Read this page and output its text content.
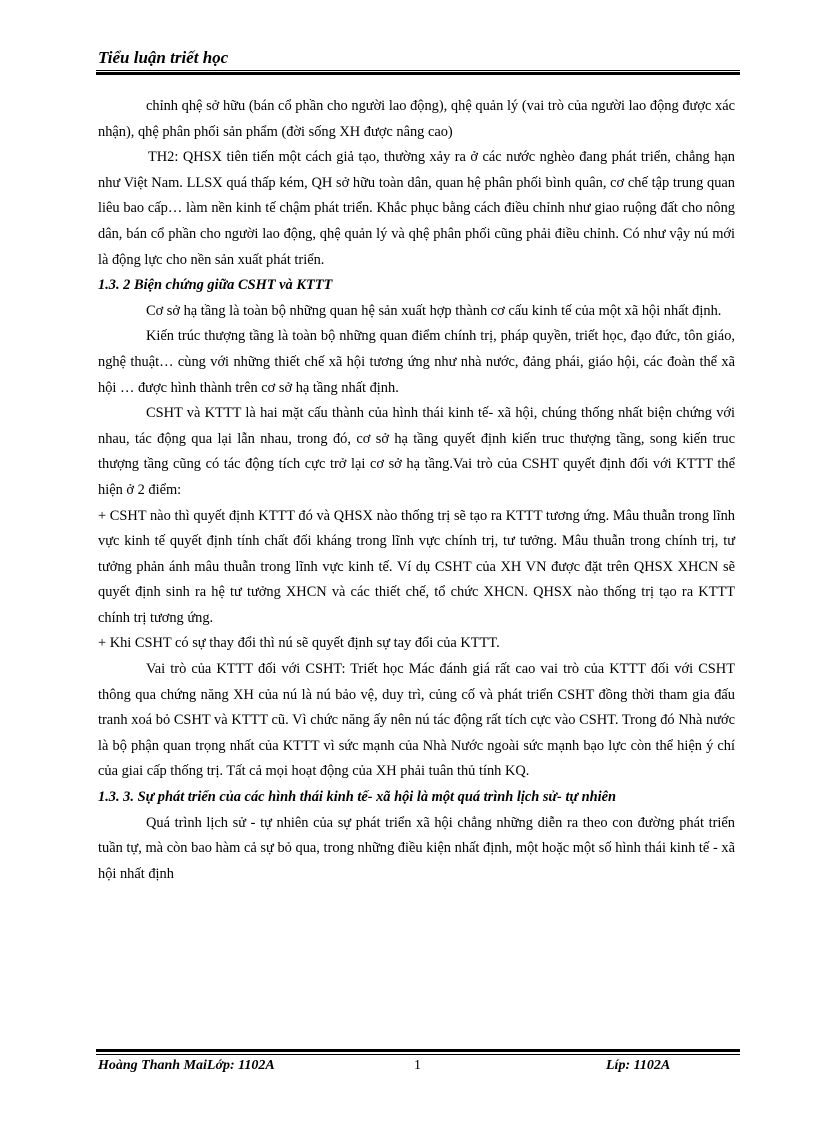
Tiểu luận triết học

chỉnh qhệ sở hữu (bán cổ phần cho người lao động), qhệ quản lý (vai trò của người lao động được xác nhận), qhệ phân phối sản phẩm (đời sống XH được nâng cao)

TH2: QHSX tiên tiến một cách giả tạo, thường xảy ra ở các nước nghèo đang phát triển, chẳng hạn như Việt Nam. LLSX quá thấp kém, QH sở hữu toàn dân, quan hệ phân phối bình quân, cơ chế tập trung quan liêu bao cấp… làm nền kinh tế chậm phát triển. Khắc phục bằng cách điều chỉnh như giao ruộng đất cho nông dân, bán cổ phần cho người lao động, qhệ quản lý và qhệ phân phối cũng phải điều chỉnh. Có như vậy nú mới là động lực cho nền sản xuất phát triển.

1.3. 2 Biện chứng giữa CSHT và KTTT

Cơ sở hạ tầng là toàn bộ những quan hệ sản xuất hợp thành cơ cấu kinh tế của một xã hội nhất định.

Kiến trúc thượng tầng là toàn bộ những quan điểm chính trị, pháp quyền, triết học, đạo đức, tôn giáo, nghệ thuật… cùng với những thiết chế xã hội tương ứng như nhà nước, đảng phái, giáo hội, các đoàn thể xã hội … được hình thành trên cơ sở hạ tầng nhất định.

CSHT và KTTT là hai mặt cấu thành của hình thái kinh tế- xã hội, chúng thống nhất biện chứng với nhau, tác động qua lại lẫn nhau, trong đó, cơ sở hạ tầng quyết định kiến truc thượng tầng, song kiến truc thượng tầng cũng có tác động tích cực trở lại cơ sở hạ tầng.Vai trò của CSHT quyết định đối với KTTT thể hiện ở 2 điểm:

+ CSHT nào thì quyết định KTTT đó và QHSX nào thống trị sẽ tạo ra KTTT tương ứng. Mâu thuẫn trong lĩnh vực kinh tế quyết định tính chất đối kháng trong lĩnh vực chính trị, tư tưởng. Mâu thuẫn trong chính trị, tư tưởng phản ánh mâu thuẫn trong lĩnh vực kinh tế. Ví dụ CSHT của XH VN được đặt trên QHSX XHCN sẽ quyết định sinh ra hệ tư tưởng XHCN và các thiết chế, tổ chức XHCN. QHSX nào thống trị tạo ra KTTT chính trị tương ứng.

+ Khi CSHT có sự thay đổi thì nú sẽ quyết định sự tay đổi của KTTT.

Vai trò của KTTT đối với CSHT: Triết học Mác đánh giá rất cao vai trò của KTTT đối với CSHT thông qua chứng năng XH của nú là nú bảo vệ, duy trì, củng cố và phát triển CSHT đồng thời tham gia đấu tranh xoá bỏ CSHT và KTTT cũ. Vì chức năng ấy nên nú tác động rất tích cực vào CSHT. Trong đó Nhà nước là bộ phận quan trọng nhất của KTTT vì sức mạnh của Nhà Nước ngoài sức mạnh bạo lực còn thể hiện ý chí của giai cấp thống trị. Tất cả mọi hoạt động của XH phải tuân thủ tính KQ.

1.3. 3. Sự phát triển của các hình thái kinh tế- xã hội là một quá trình lịch sử- tự nhiên

Quá trình lịch sử - tự nhiên của sự phát triển xã hội chẳng những diễn ra theo con đường phát triển tuần tự, mà còn bao hàm cả sự bỏ qua, trong những điều kiện nhất định, một hoặc một số hình thái kinh tế - xã hội nhất định

Hoàng Thanh MaiLớp: 1102A	1	Líp: 1102A
